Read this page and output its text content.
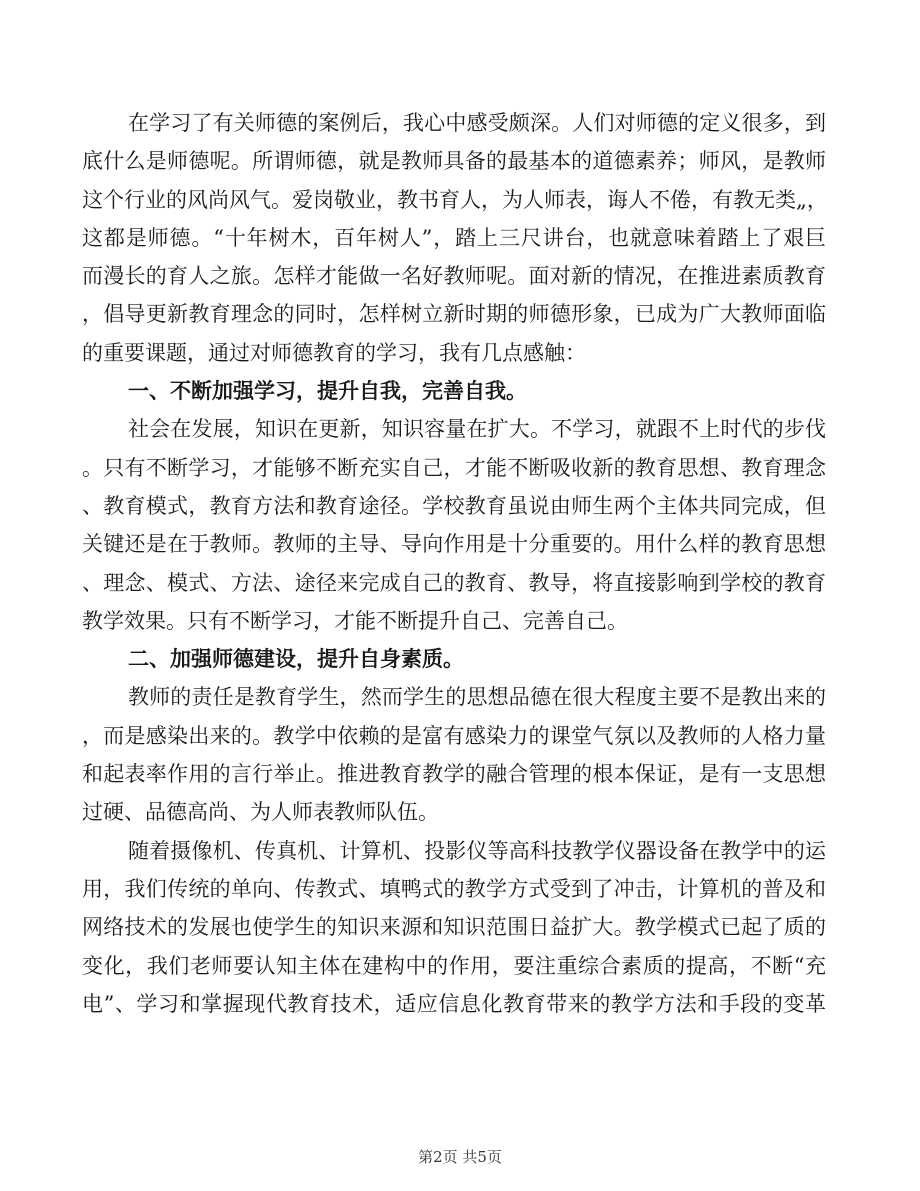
在学习了有关师德的案例后，我心中感受颇深。人们对师德的定义很多，到
底什么是师德呢。所谓师德，就是教师具备的最基本的道德素养；师风，是教师
这个行业的风尚风气。爱岗敬业，教书育人，为人师表，诲人不倦，有教无类„，
这都是师德。“十年树木，百年树人”，踏上三尺讲台，也就意味着踏上了艰巨
而漫长的育人之旅。怎样才能做一名好教师呢。面对新的情况，在推进素质教育
，倡导更新教育理念的同时，怎样树立新时期的师德形象，已成为广大教师面临
的重要课题，通过对师德教育的学习，我有几点感触：
一、不断加强学习，提升自我，完善自我。
社会在发展，知识在更新，知识容量在扩大。不学习，就跟不上时代的步伐
。只有不断学习，才能够不断充实自己，才能不断吸收新的教育思想、教育理念
、教育模式，教育方法和教育途径。学校教育虽说由师生两个主体共同完成，但
关键还是在于教师。教师的主导、导向作用是十分重要的。用什么样的教育思想
、理念、模式、方法、途径来完成自己的教育、教导，将直接影响到学校的教育
教学效果。只有不断学习，才能不断提升自己、完善自己。
二、加强师德建设，提升自身素质。
教师的责任是教育学生，然而学生的思想品德在很大程度主要不是教出来的
，而是感染出来的。教学中依赖的是富有感染力的课堂气氛以及教师的人格力量
和起表率作用的言行举止。推进教育教学的融合管理的根本保证，是有一支思想
过硬、品德高尚、为人师表教师队伍。
随着摄像机、传真机、计算机、投影仪等高科技教学仪器设备在教学中的运
用，我们传统的单向、传教式、填鸭式的教学方式受到了冲击，计算机的普及和
网络技术的发展也使学生的知识来源和知识范围日益扩大。教学模式已起了质的
变化，我们老师要认知主体在建构中的作用，要注重综合素质的提高，不断“充
电”、学习和掌握现代教育技术，适应信息化教育带来的教学方法和手段的变革
第2页 共5页
